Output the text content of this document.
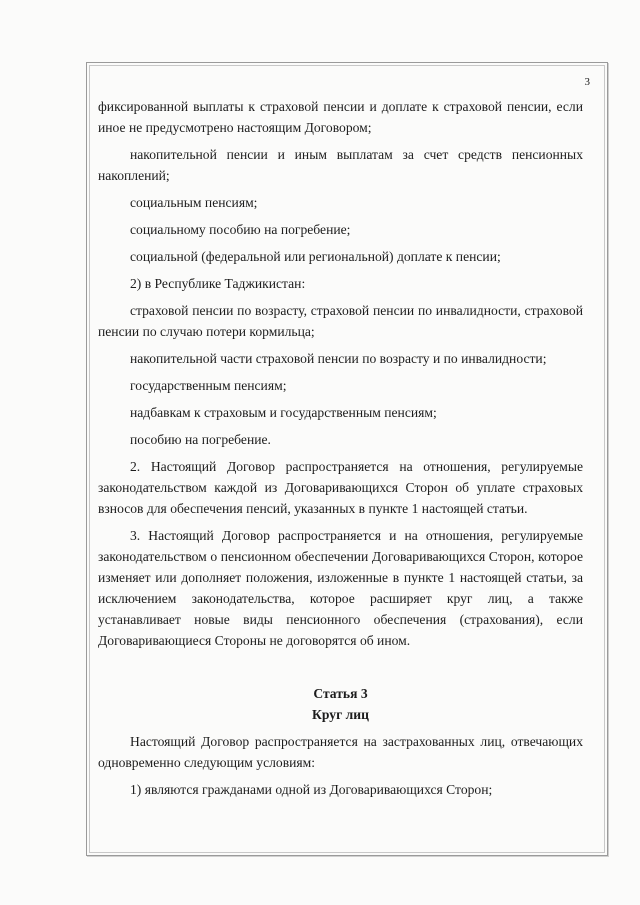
3

фиксированной выплаты к страховой пенсии и доплате к страховой пенсии, если иное не предусмотрено настоящим Договором;

накопительной пенсии и иным выплатам за счет средств пенсионных накоплений;

социальным пенсиям;

социальному пособию на погребение;

социальной (федеральной или региональной) доплате к пенсии;

2) в Республике Таджикистан:

страховой пенсии по возрасту, страховой пенсии по инвалидности, страховой пенсии по случаю потери кормильца;

накопительной части страховой пенсии по возрасту и по инвалидности;

государственным пенсиям;

надбавкам к страховым и государственным пенсиям;

пособию на погребение.

2. Настоящий Договор распространяется на отношения, регулируемые законодательством каждой из Договаривающихся Сторон об уплате страховых взносов для обеспечения пенсий, указанных в пункте 1 настоящей статьи.

3. Настоящий Договор распространяется и на отношения, регулируемые законодательством о пенсионном обеспечении Договаривающихся Сторон, которое изменяет или дополняет положения, изложенные в пункте 1 настоящей статьи, за исключением законодательства, которое расширяет круг лиц, а также устанавливает новые виды пенсионного обеспечения (страхования), если Договаривающиеся Стороны не договорятся об ином.

Статья 3
Круг лиц

Настоящий Договор распространяется на застрахованных лиц, отвечающих одновременно следующим условиям:

1) являются гражданами одной из Договаривающихся Сторон;
